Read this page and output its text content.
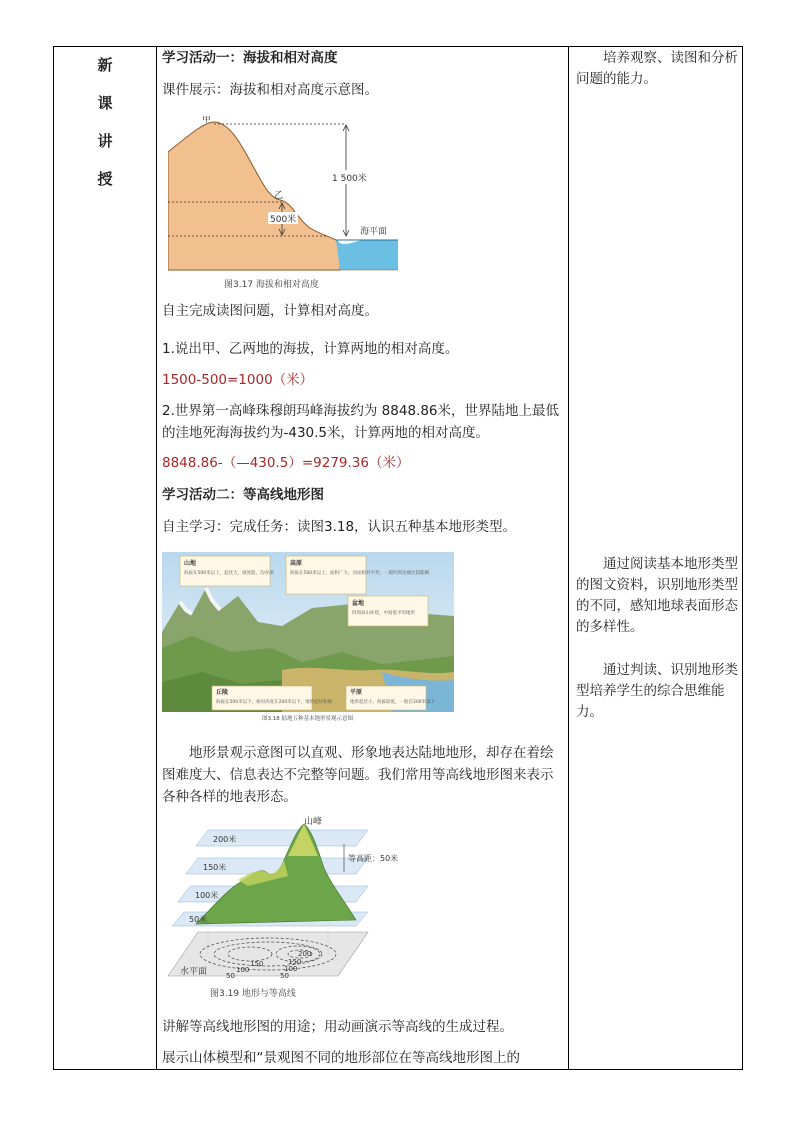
新
课
讲
授
学习活动一：海拔和相对高度
课件展示：海拔和相对高度示意图。
甲
乙
1 500米
500米
海平面
图3.17 海拔和相对高度
自主完成读图问题，计算相对高度。
1.说出甲、乙两地的海拔，计算两地的相对高度。
1500-500=1000（米）
2.世界第一高峰珠穆朗玛峰海拔约为 8848.86米，世界陆地上最低的洼地死海海拔约为-430.5米，计算两地的相对高度。
8848.86-（—430.5）=9279.36（米）
学习活动二：等高线地形图
自主学习：完成任务：读图3.18，认识五种基本地形类型。
山地
海拔在500米以上，起伏大，坡度陡，沟谷深
高原
海拔在500米以上，面积广大，顶面相对平坦，一般四周边缘比较陡峭
盆地
四周高山环绕，中间低平的地形
丘陵
海拔在500米以下，相对高度在200米以下，地势起伏和缓
平原
地形起伏小，海拔较低，一般在200米以下
图3.18 陆地五种基本地形景观示意图
地形景观示意图可以直观、形象地表达陆地地形，却存在着绘图难度大、信息表达不完整等问题。我们常用等高线地形图来表示各种各样的地表形态。
山峰
200米
150米
100米
50米
等高距：50米
水平面
150
100
50
200
150
100
50
图3.19 地形与等高线
讲解等高线地形图的用途；用动画演示等高线的生成过程。
展示山体模型和“景观图不同的地形部位在等高线地形图上的
培养观察、读图和分析问题的能力。
通过阅读基本地形类型的图文资料，识别地形类型的不同，感知地球表面形态的多样性。
通过判读、识别地形类型培养学生的综合思维能力。
